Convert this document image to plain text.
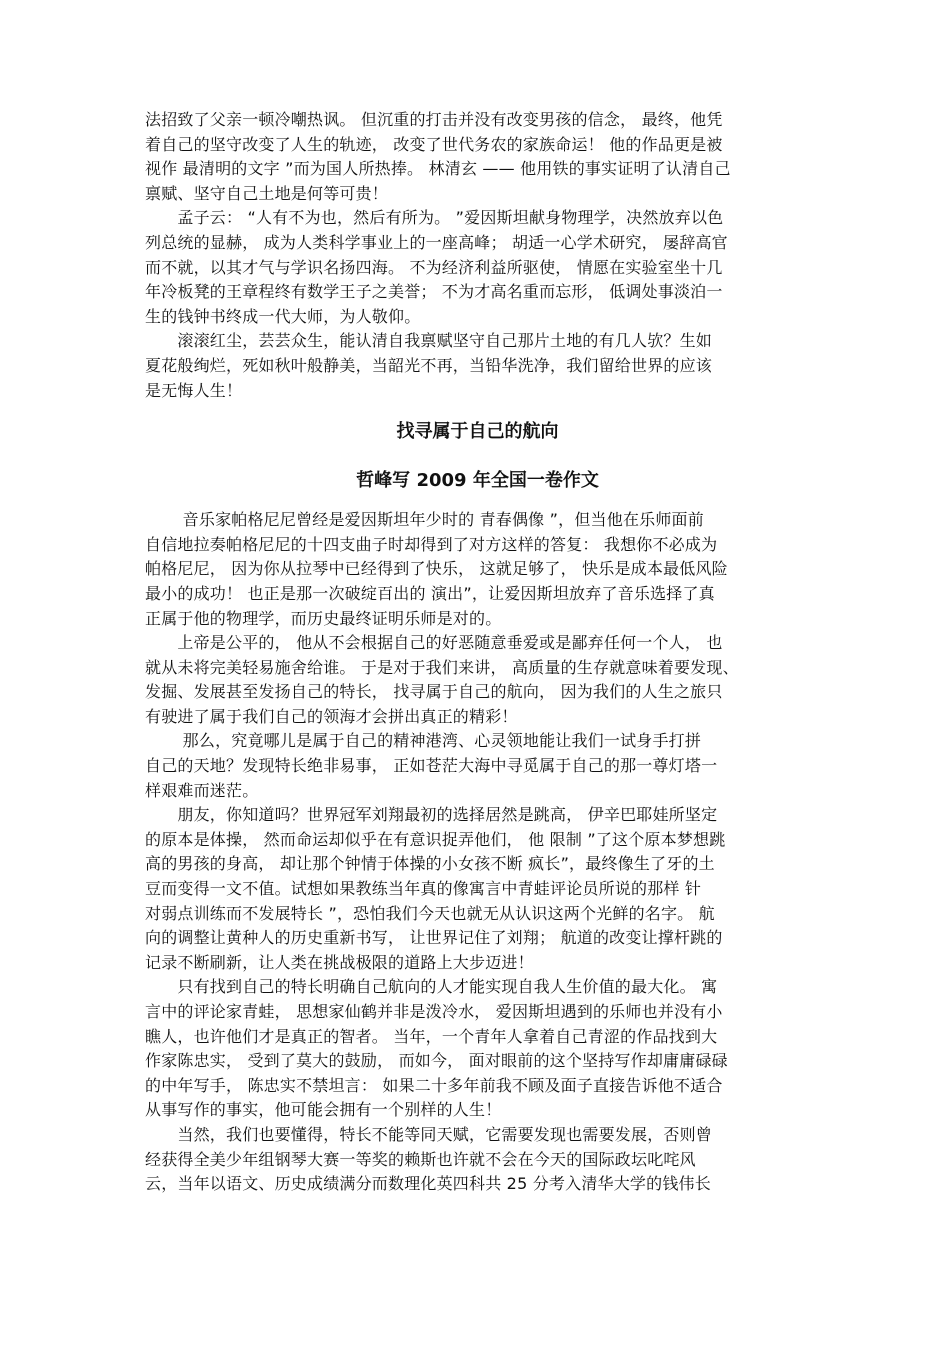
法招致了父亲一顿冷嘲热讽。 但沉重的打击并没有改变男孩的信念， 最终，他凭
着自己的坚守改变了人生的轨迹， 改变了世代务农的家族命运！ 他的作品更是被
视作 最清明的文字 ”而为国人所热捧。 林清玄 —— 他用铁的事实证明了认清自己
禀赋、坚守自己土地是何等可贵！
　　孟子云： “人有不为也，然后有所为。 ”爱因斯坦献身物理学，决然放弃以色
列总统的显赫， 成为人类科学事业上的一座高峰； 胡适一心学术研究， 屡辞高官
而不就，以其才气与学识名扬四海。 不为经济利益所驱使， 情愿在实验室坐十几
年冷板凳的王章程终有数学王子之美誉； 不为才高名重而忘形， 低调处事淡泊一
生的钱钟书终成一代大师，为人敬仰。
　　滚滚红尘，芸芸众生，能认清自我禀赋坚守自己那片土地的有几人欤？生如
夏花般绚烂，死如秋叶般静美，当韶光不再，当铅华洗净，我们留给世界的应该
是无悔人生！
找寻属于自己的航向
哲峰写 2009 年全国一卷作文
　　 音乐家帕格尼尼曾经是爱因斯坦年少时的 青春偶像 ”，但当他在乐师面前
自信地拉奏帕格尼尼的十四支曲子时却得到了对方这样的答复： 我想你不必成为
帕格尼尼， 因为你从拉琴中已经得到了快乐， 这就足够了， 快乐是成本最低风险
最小的成功！ 也正是那一次破绽百出的 演出”，让爱因斯坦放弃了音乐选择了真
正属于他的物理学，而历史最终证明乐师是对的。
　　上帝是公平的， 他从不会根据自己的好恶随意垂爱或是鄙弃任何一个人， 也
就从未将完美轻易施舍给谁。 于是对于我们来讲， 高质量的生存就意味着要发现、
发掘、发展甚至发扬自己的特长， 找寻属于自己的航向， 因为我们的人生之旅只
有驶进了属于我们自己的领海才会拼出真正的精彩！
　　 那么，究竟哪儿是属于自己的精神港湾、心灵领地能让我们一试身手打拼
自己的天地？发现特长绝非易事， 正如苍茫大海中寻觅属于自己的那一尊灯塔一
样艰难而迷茫。
　　朋友，你知道吗？世界冠军刘翔最初的选择居然是跳高， 伊辛巴耶娃所坚定
的原本是体操， 然而命运却似乎在有意识捉弄他们， 他 限制 ”了这个原本梦想跳
高的男孩的身高， 却让那个钟情于体操的小女孩不断 疯长”，最终像生了牙的土
豆而变得一文不值。试想如果教练当年真的像寓言中青蛙评论员所说的那样 针
对弱点训练而不发展特长 ”，恐怕我们今天也就无从认识这两个光鲜的名字。 航
向的调整让黄种人的历史重新书写， 让世界记住了刘翔； 航道的改变让撑杆跳的
记录不断刷新，让人类在挑战极限的道路上大步迈进！
　　只有找到自己的特长明确自己航向的人才能实现自我人生价值的最大化。 寓
言中的评论家青蛙， 思想家仙鹤并非是泼冷水， 爱因斯坦遇到的乐师也并没有小
瞧人，也许他们才是真正的智者。 当年，一个青年人拿着自己青涩的作品找到大
作家陈忠实， 受到了莫大的鼓励， 而如今， 面对眼前的这个坚持写作却庸庸碌碌
的中年写手， 陈忠实不禁坦言： 如果二十多年前我不顾及面子直接告诉他不适合
从事写作的事实，他可能会拥有一个别样的人生！
　　当然，我们也要懂得，特长不能等同天赋，它需要发现也需要发展，否则曾
经获得全美少年组钢琴大赛一等奖的赖斯也许就不会在今天的国际政坛叱咤风
云，当年以语文、历史成绩满分而数理化英四科共 25 分考入清华大学的钱伟长
